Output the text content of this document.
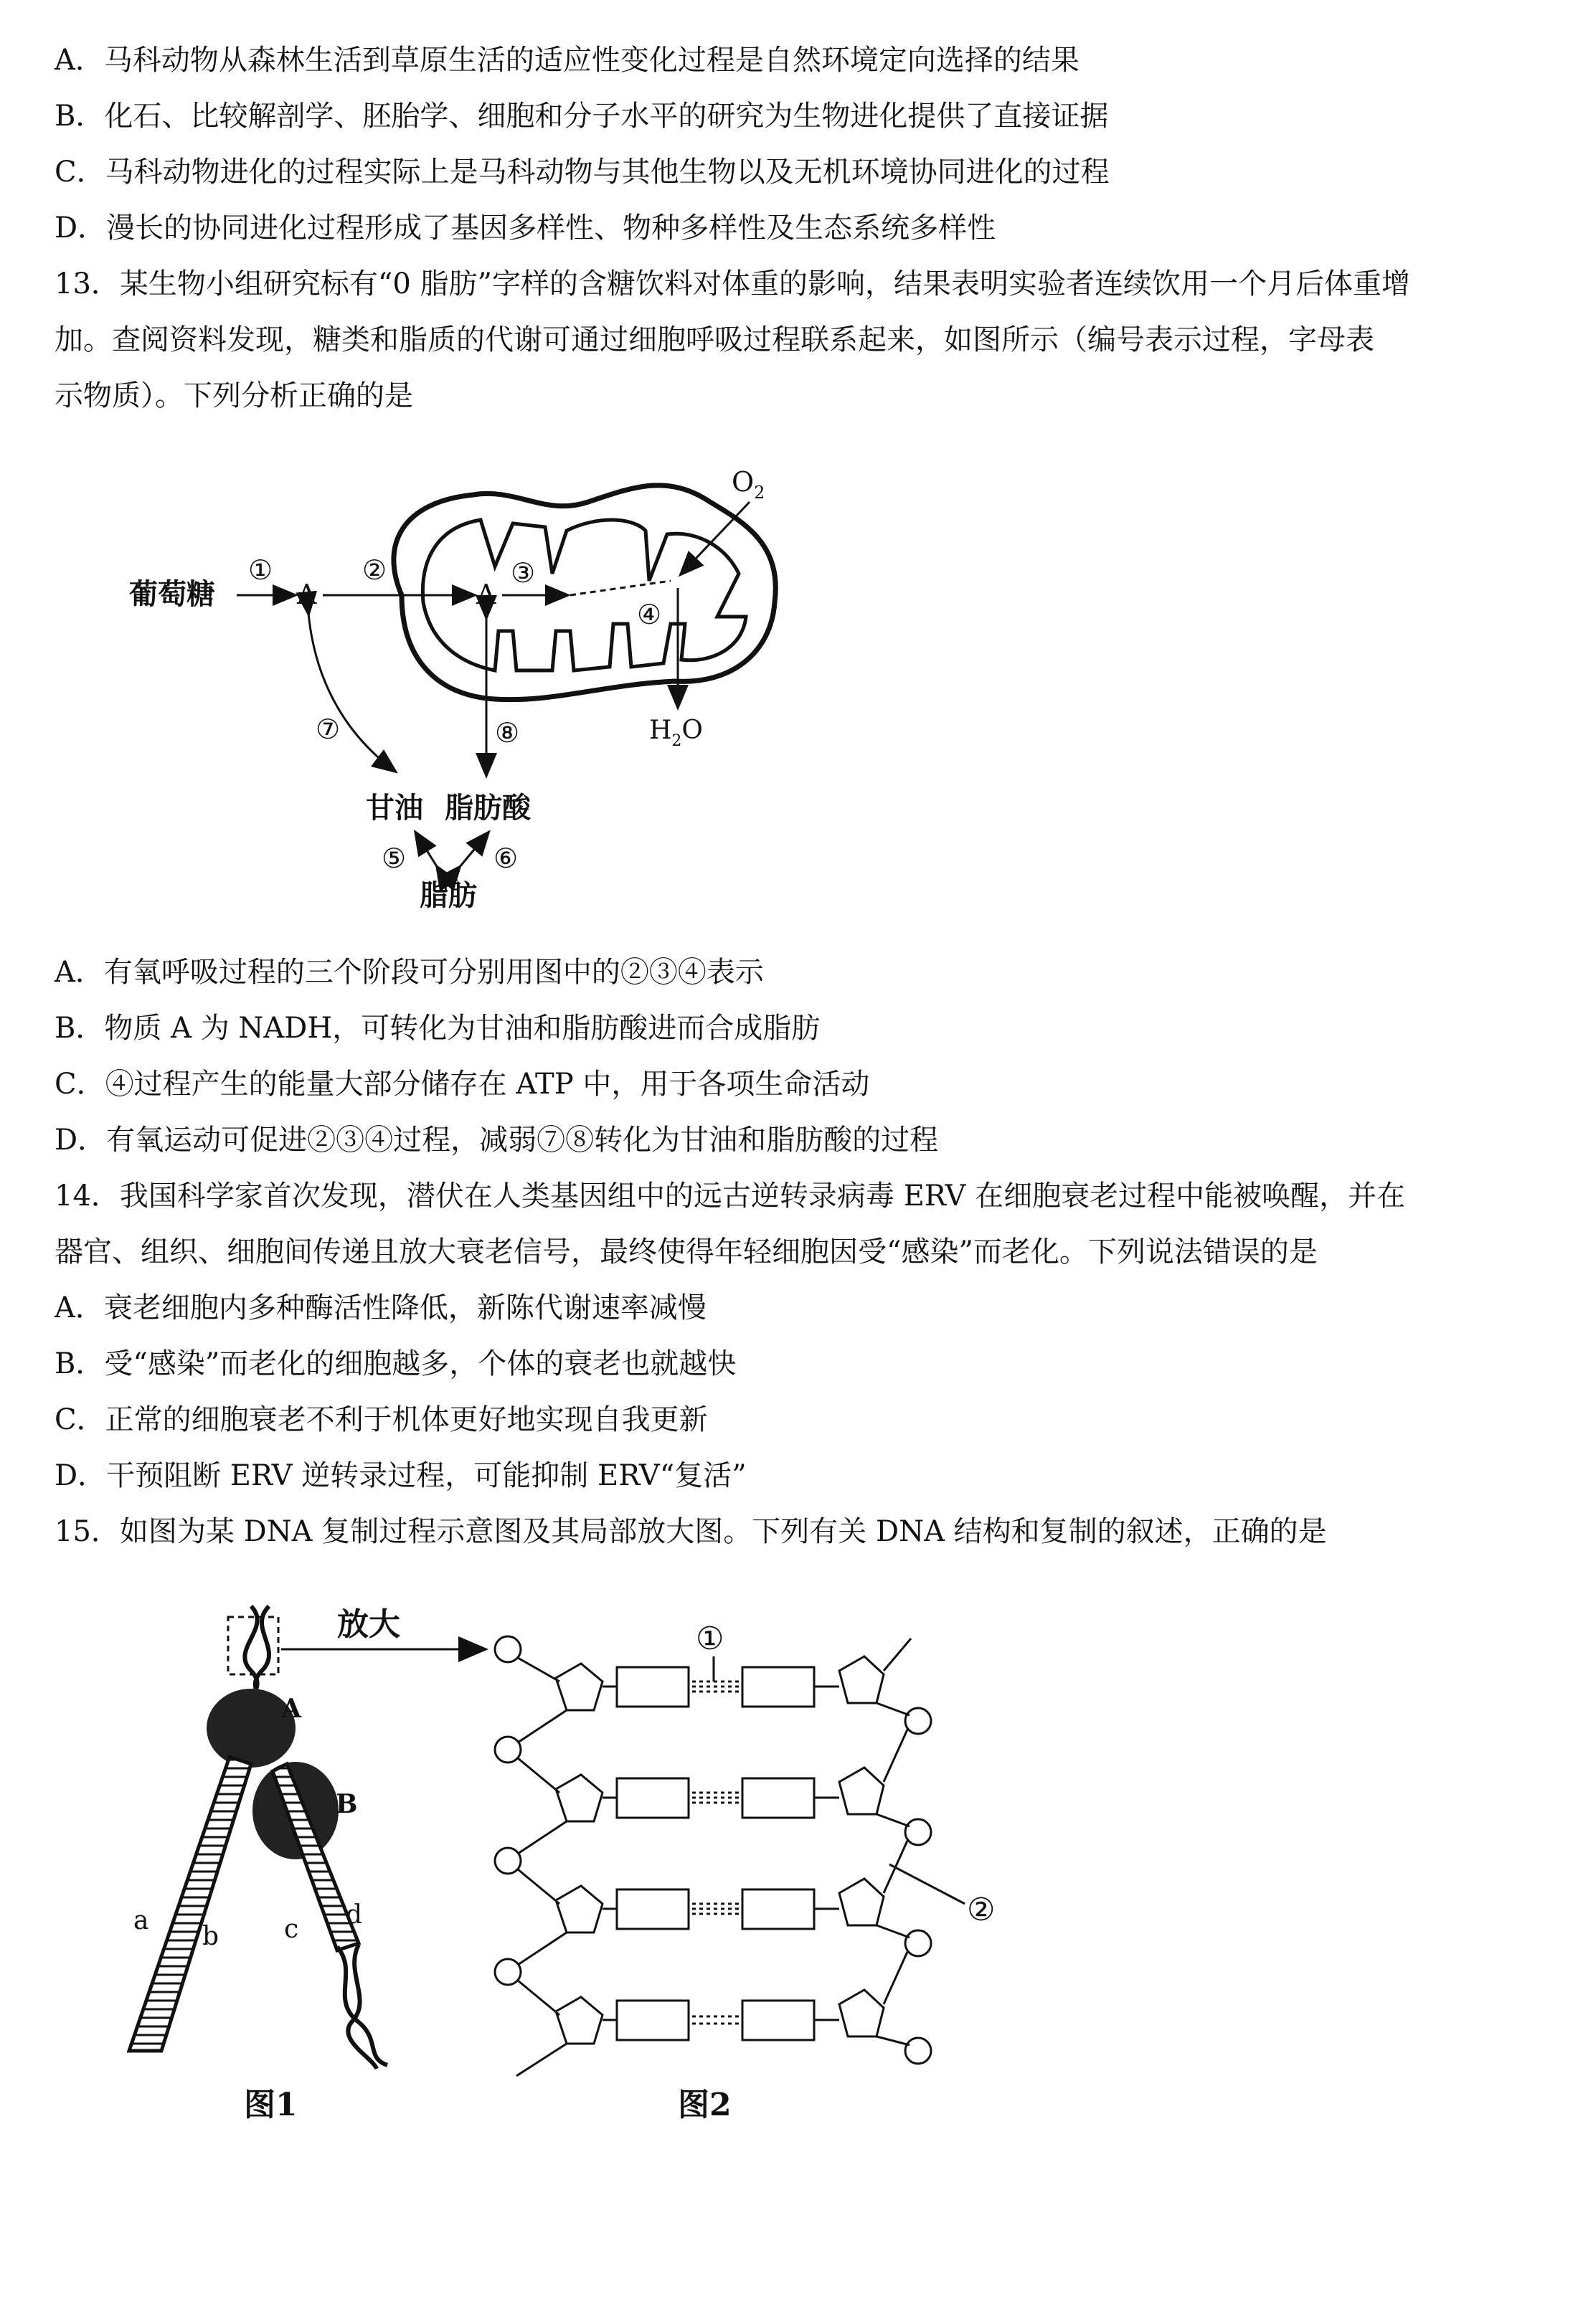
A．马科动物从森林生活到草原生活的适应性变化过程是自然环境定向选择的结果
B．化石、比较解剖学、胚胎学、细胞和分子水平的研究为生物进化提供了直接证据
C．马科动物进化的过程实际上是马科动物与其他生物以及无机环境协同进化的过程
D．漫长的协同进化过程形成了基因多样性、物种多样性及生态系统多样性
13．某生物小组研究标有“0 脂肪”字样的含糖饮料对体重的影响，结果表明实验者连续饮用一个月后体重增
加。查阅资料发现，糖类和脂质的代谢可通过细胞呼吸过程联系起来，如图所示（编号表示过程，字母表
示物质）。下列分析正确的是
葡萄糖
①
A
②
A
③
$O_2$
④
$H_2O$
⑦	⑧
甘油 脂肪酸
⑤	⑥
脂肪
A．有氧呼吸过程的三个阶段可分别用图中的②③④表示
B．物质 A 为 NADH，可转化为甘油和脂肪酸进而合成脂肪
C．④过程产生的能量大部分储存在 ATP 中，用于各项生命活动
D．有氧运动可促进②③④过程，减弱⑦⑧转化为甘油和脂肪酸的过程
14．我国科学家首次发现，潜伏在人类基因组中的远古逆转录病毒 ERV 在细胞衰老过程中能被唤醒，并在
器官、组织、细胞间传递且放大衰老信号，最终使得年轻细胞因受“感染”而老化。下列说法错误的是
A．衰老细胞内多种酶活性降低，新陈代谢速率减慢
B．受“感染”而老化的细胞越多，个体的衰老也就越快
C．正常的细胞衰老不利于机体更好地实现自我更新
D．干预阻断 ERV 逆转录过程，可能抑制 ERV“复活”
15．如图为某 DNA 复制过程示意图及其局部放大图。下列有关 DNA 结构和复制的叙述，正确的是
放大
A
a
b
B
c d
图1
①
②
图2
